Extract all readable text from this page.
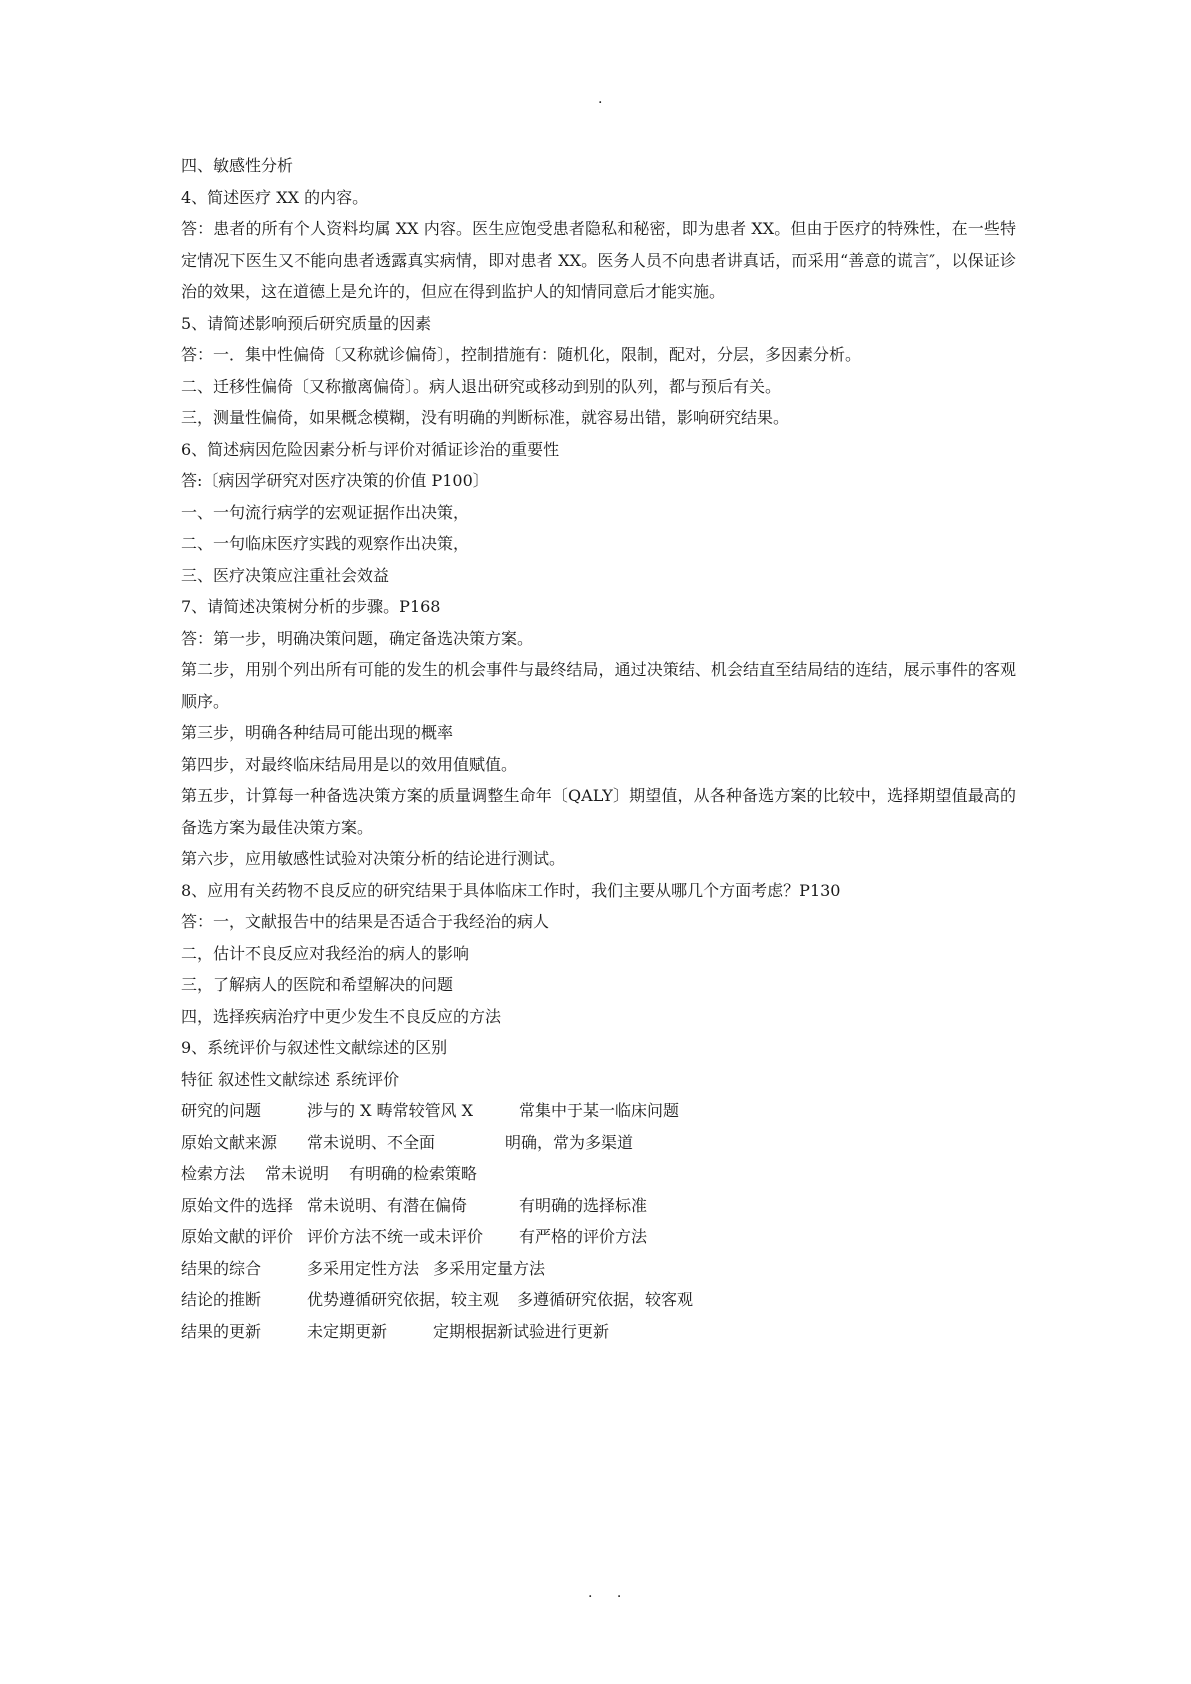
.
四、敏感性分析
4、简述医疗 XX 的内容。
答：患者的所有个人资料均属 XX 内容。医生应饱受患者隐私和秘密，即为患者 XX。但由于医疗的特殊性，在一些特定情况下医生又不能向患者透露真实病情，即对患者 XX。医务人员不向患者讲真话，而采用“善意的谎言″，以保证诊治的效果，这在道德上是允许的，但应在得到监护人的知情同意后才能实施。
5、请简述影响预后研究质量的因素
答：一．集中性偏倚〔又称就诊偏倚〕，控制措施有：随机化，限制，配对，分层，多因素分析。
二、迁移性偏倚〔又称撤离偏倚〕。病人退出研究或移动到别的队列，都与预后有关。
三，测量性偏倚，如果概念模糊，没有明确的判断标准，就容易出错，影响研究结果。
6、简述病因危险因素分析与评价对循证诊治的重要性
答:〔病因学研究对医疗决策的价值 P100〕
一、一句流行病学的宏观证据作出决策，
二、一句临床医疗实践的观察作出决策，
三、医疗决策应注重社会效益
7、请简述决策树分析的步骤。P168
答：第一步，明确决策问题，确定备选决策方案。
第二步，用别个列出所有可能的发生的机会事件与最终结局，通过决策结、机会结直至结局结的连结，展示事件的客观顺序。
第三步，明确各种结局可能出现的概率
第四步，对最终临床结局用是以的效用值赋值。
第五步，计算每一种备选决策方案的质量调整生命年〔QALY〕期望值，从各种备选方案的比较中，选择期望值最高的备选方案为最佳决策方案。
第六步，应用敏感性试验对决策分析的结论进行测试。
8、应用有关药物不良反应的研究结果于具体临床工作时，我们主要从哪几个方面考虑？P130
答：一，文献报告中的结果是否适合于我经治的病人
二，估计不良反应对我经治的病人的影响
三，了解病人的医院和希望解决的问题
四，选择疾病治疗中更少发生不良反应的方法
9、系统评价与叙述性文献综述的区别
特征 叙述性文献综述 系统评价
研究的问题	涉与的 X 畴常较管风 X	常集中于某一临床问题
原始文献来源	常未说明、不全面	明确，常为多渠道
检索方法	常未说明	有明确的检索策略
原始文件的选择 常未说明、有潜在偏倚	有明确的选择标准
原始文献的评价 评价方法不统一或未评价	有严格的评价方法
结果的综合	多采用定性方法 多采用定量方法
结论的推断	优势遵循研究依据，较主观	多遵循研究依据，较客观
结果的更新	未定期更新	定期根据新试验进行更新
. .
